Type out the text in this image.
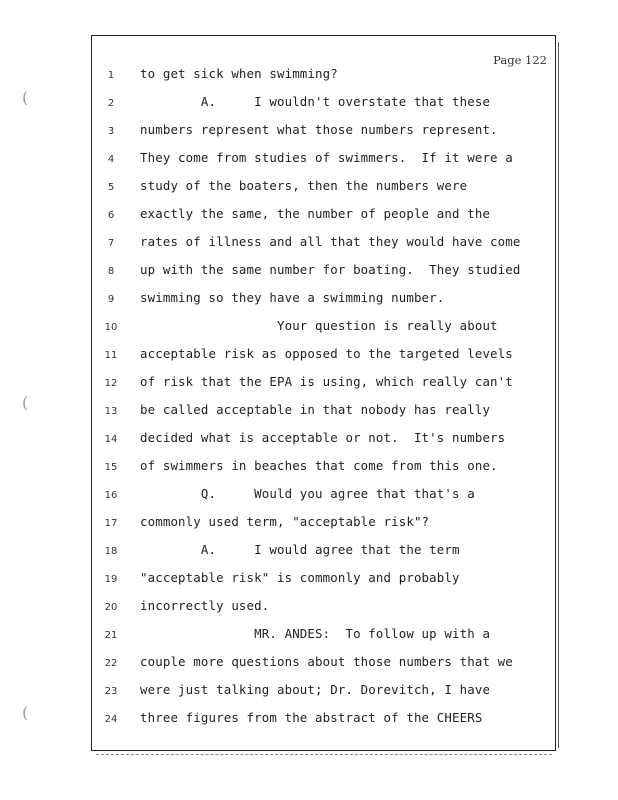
(
(
(
Page 122
1	to get sick when swimming?
2	A.     I wouldn't overstate that these
3	numbers represent what those numbers represent.
4	They come from studies of swimmers.  If it were a
5	study of the boaters, then the numbers were
6	exactly the same, the number of people and the
7	rates of illness and all that they would have come
8	up with the same number for boating.  They studied
9	swimming so they have a swimming number.
10	Your question is really about
11	acceptable risk as opposed to the targeted levels
12	of risk that the EPA is using, which really can't
13	be called acceptable in that nobody has really
14	decided what is acceptable or not.  It's numbers
15	of swimmers in beaches that come from this one.
16	Q.     Would you agree that that's a
17	commonly used term, "acceptable risk"?
18	A.     I would agree that the term
19	"acceptable risk" is commonly and probably
20	incorrectly used.
21	MR. ANDES:  To follow up with a
22	couple more questions about those numbers that we
23	were just talking about; Dr. Dorevitch, I have
24	three figures from the abstract of the CHEERS
